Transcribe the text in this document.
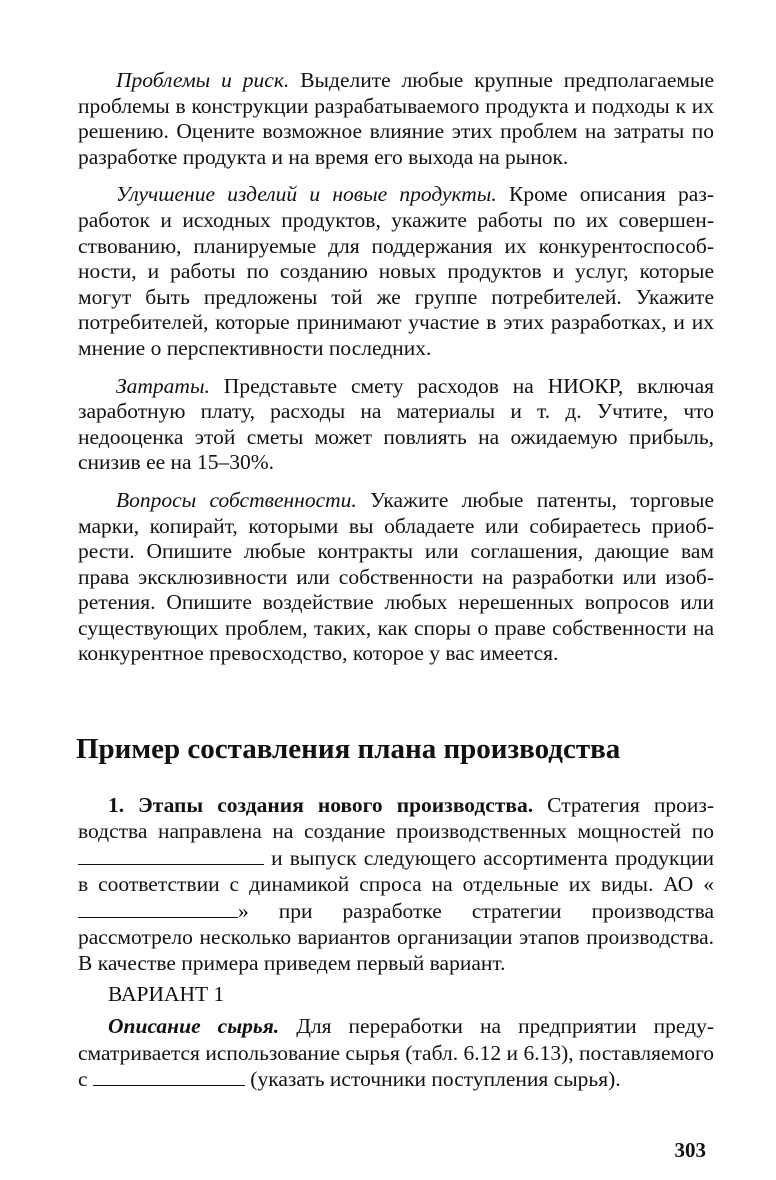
Проблемы и риск. Выделите любые крупные предполагаемые проблемы в конструкции разрабатываемого продукта и подходы к их решению. Оцените возможное влияние этих проблем на затраты по разработке продукта и на время его выхода на рынок.

Улучшение изделий и новые продукты. Кроме описания разработок и исходных продуктов, укажите работы по их совершенствованию, планируемые для поддержания их конкурентоспособности, и работы по созданию новых продуктов и услуг, которые могут быть предложены той же группе потребителей. Укажите потребителей, которые принимают участие в этих разработках, и их мнение о перспективности последних.

Затраты. Представьте смету расходов на НИОКР, включая заработную плату, расходы на материалы и т. д. Учтите, что недооценка этой сметы может повлиять на ожидаемую прибыль, снизив ее на 15–30%.

Вопросы собственности. Укажите любые патенты, торговые марки, копирайт, которыми вы обладаете или собираетесь приобрести. Опишите любые контракты или соглашения, дающие вам права эксклюзивности или собственности на разработки или изобретения. Опишите воздействие любых нерешенных вопросов или существующих проблем, таких, как споры о праве собственности на конкурентное превосходство, которое у вас имеется.

Пример составления плана производства

1. Этапы создания нового производства. Стратегия производства направлена на создание производственных мощностей по  и выпуск следующего ассортимента продукции в соответствии с динамикой спроса на отдельные их виды. АО «» при разработке стратегии производства рассмотрело несколько вариантов организации этапов производства. В качестве примера приведем первый вариант.

ВАРИАНТ 1

Описание сырья. Для переработки на предприятии предусматривается использование сырья (табл. 6.12 и 6.13), поставляемого с	(указать источники поступления сырья).

303
